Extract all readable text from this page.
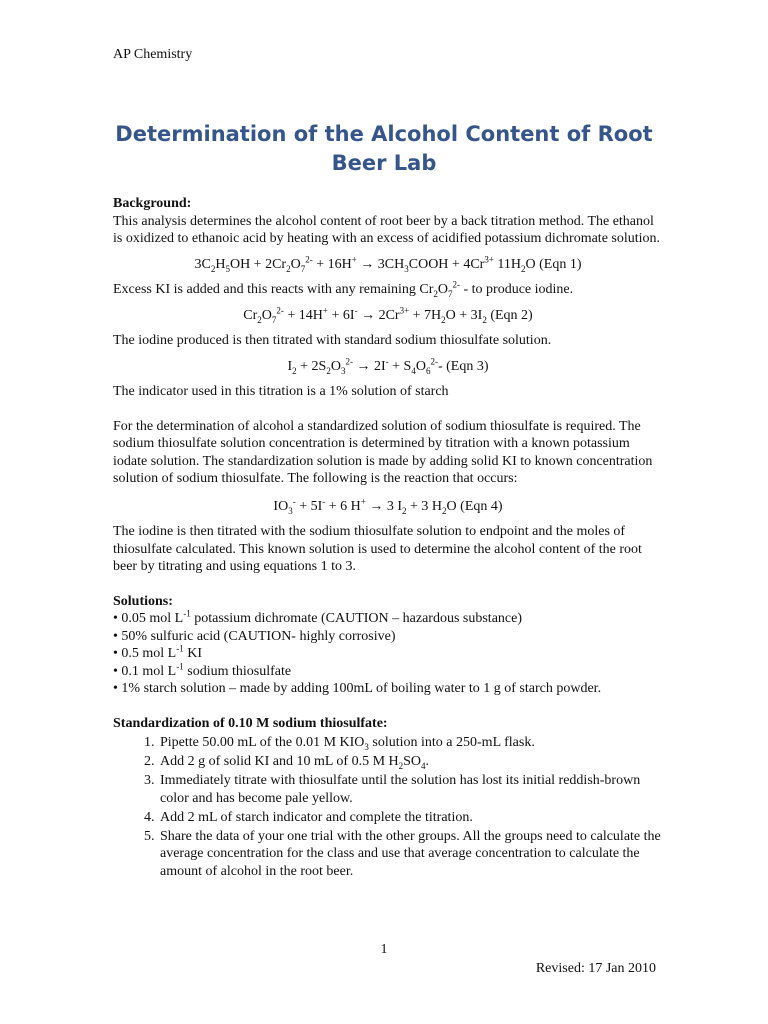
AP Chemistry
Determination of the Alcohol Content of Root Beer Lab
Background:

This analysis determines the alcohol content of root beer by a back titration method. The ethanol is oxidized to ethanoic acid by heating with an excess of acidified potassium dichromate solution.

$3C_2H_5OH + 2Cr_2O_7^{2-} + 16H^+$ → $3CH_3COOH + 4Cr^{3+}$ $11H_2O$ (Eqn 1)

Excess KI is added and this reacts with any remaining $Cr_2O_7^{2-}$ - to produce iodine.

$Cr_2O_7^{2-} + 14H^+ + 6I^- \to 2Cr^{3+} + 7H_2O + 3I_2$ (Eqn 2)

The iodine produced is then titrated with standard sodium thiosulfate solution.

$I_2 + 2S_2O_3^{2-} \to 2I^- + S_4O_6^{2-}-$ (Eqn 3)

The indicator used in this titration is a 1% solution of starch

For the determination of alcohol a standardized solution of sodium thiosulfate is required. The sodium thiosulfate solution concentration is determined by titration with a known potassium iodate solution. The standardization solution is made by adding solid KI to known concentration solution of sodium thiosulfate. The following is the reaction that occurs:

$IO_3^- + 5I^- + 6$ H+ → 3 $I_2 + 3$ $H_2O$ (Eqn 4)

The iodine is then titrated with the sodium thiosulfate solution to endpoint and the moles of thiosulfate calculated. This known solution is used to determine the alcohol content of the root beer by titrating and using equations 1 to 3.

Solutions:
• 0.05 mol $L^{-1}$ potassium dichromate (CAUTION – hazardous substance)
• 50% sulfuric acid (CAUTION- highly corrosive)
• 0.5 mol $L^{-1}$ KI
• 0.1 mol $L^{-1}$ sodium thiosulfate
• 1% starch solution – made by adding 100mL of boiling water to 1 g of starch powder.
Standardization of 0.10 M sodium thiosulfate:
1. Pipette 50.00 mL of the 0.01 M $KIO_3$ solution into a 250-mL flask.
2. Add 2 g of solid KI and 10 mL of 0.5 M $H_2SO_4$.
3. Immediately titrate with thiosulfate until the solution has lost its initial reddish-brown color and has become pale yellow.
4. Add 2 mL of starch indicator and complete the titration.
5. Share the data of your one trial with the other groups. All the groups need to calculate the average concentration for the class and use that average concentration to calculate the amount of alcohol in the root beer.
1
Revised: 17 Jan 2010
